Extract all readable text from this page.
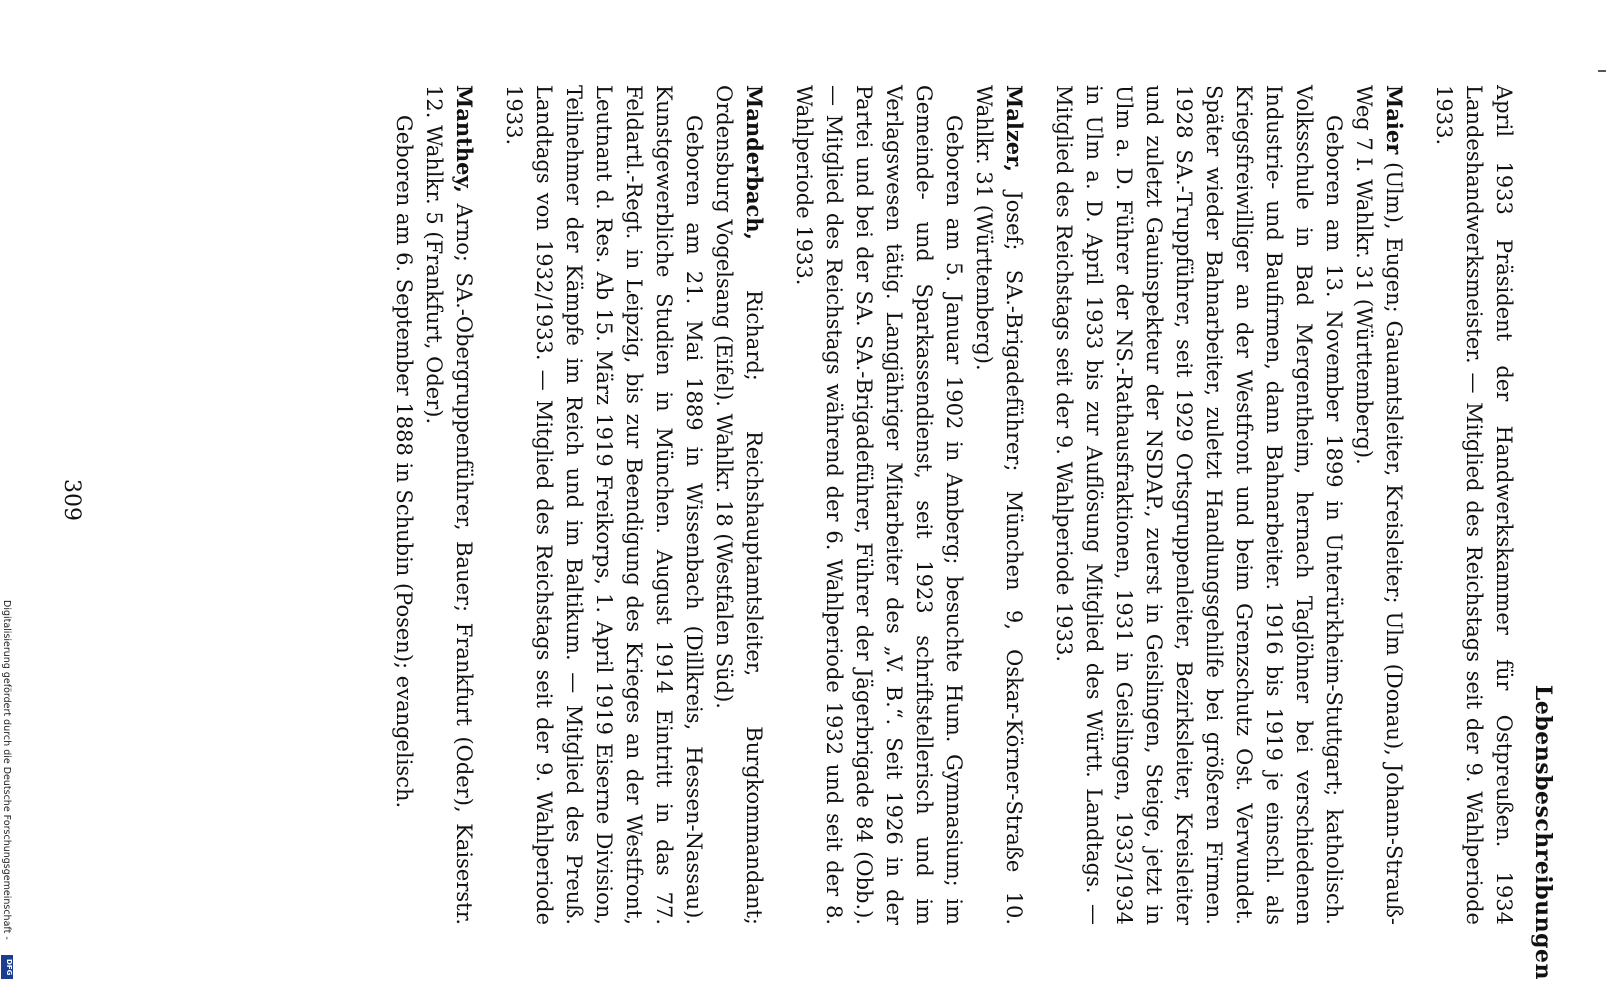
Lebensbeschreibungen

April 1933 Präsident der Handwerkskammer für Ostpreußen. 1934 Landeshandwerksmeister. — Mitglied des Reichstags seit der 9. Wahlperiode 1933.

Maier (Ulm), Eugen; Gauamtsleiter, Kreisleiter; Ulm (Donau), Johann-Strauß-Weg 7 I. Wahlkr. 31 (Württemberg).

Geboren am 13. November 1899 in Unterürkheim-Stuttgart; katholisch. Volksschule in Bad Mergentheim, hernach Taglöhner bei verschiedenen Industrie- und Baufirmen, dann Bahnarbeiter. 1916 bis 1919 je einschl. als Kriegsfreiwilliger an der Westfront und beim Grenzschutz Ost. Verwundet. Später wieder Bahnarbeiter, zuletzt Handlungsgehilfe bei größeren Firmen. 1928 SA.-Truppführer, seit 1929 Ortsgruppenleiter, Bezirksleiter, Kreisleiter und zuletzt Gauinspekteur der NSDAP., zuerst in Geislingen, Steige, jetzt in Ulm a. D. Führer der NS.-Rathausfraktionen, 1931 in Geislingen, 1933/1934 in Ulm a. D. April 1933 bis zur Auflösung Mitglied des Württ. Landtags. — Mitglied des Reichstags seit der 9. Wahlperiode 1933.

Malzer, Josef; SA.-Brigadeführer; München 9, Oskar-Körner-Straße 10. Wahlkr. 31 (Württemberg).

Geboren am 5. Januar 1902 in Amberg; besuchte Hum. Gymnasium; im Gemeinde- und Sparkassendienst, seit 1923 schriftstellerisch und im Verlagswesen tätig. Langjähriger Mitarbeiter des „V. B.“. Seit 1926 in der Partei und bei der SA. SA.-Brigadeführer, Führer der Jägerbrigade 84 (Obb.). — Mitglied des Reichstags während der 6. Wahlperiode 1932 und seit der 8. Wahlperiode 1933.

Manderbach, Richard; Reichshauptamtsleiter, Burgkommandant; Ordensburg Vogelsang (Eifel). Wahlkr. 18 (Westfalen Süd).

Geboren am 21. Mai 1889 in Wissenbach (Dillkreis, Hessen-Nassau). Kunstgewerbliche Studien in München. August 1914 Eintritt in das 77. Feldartl.-Regt. in Leipzig, bis zur Beendigung des Krieges an der Westfront, Leutnant d. Res. Ab 15. März 1919 Freikorps, 1. April 1919 Eiserne Division, Teilnehmer der Kämpfe im Reich und im Baltikum. — Mitglied des Preuß. Landtags von 1932/1933. — Mitglied des Reichstags seit der 9. Wahlperiode 1933.

Manthey, Arno; SA.-Obergruppenführer, Bauer; Frankfurt (Oder), Kaiserstr. 12. Wahlkr. 5 (Frankfurt, Oder).

Geboren am 6. September 1888 in Schubin (Posen); evangelisch.

309
Digitalisierung gefördert durch die Deutsche Forschungsgemeinschaft -
DFG
